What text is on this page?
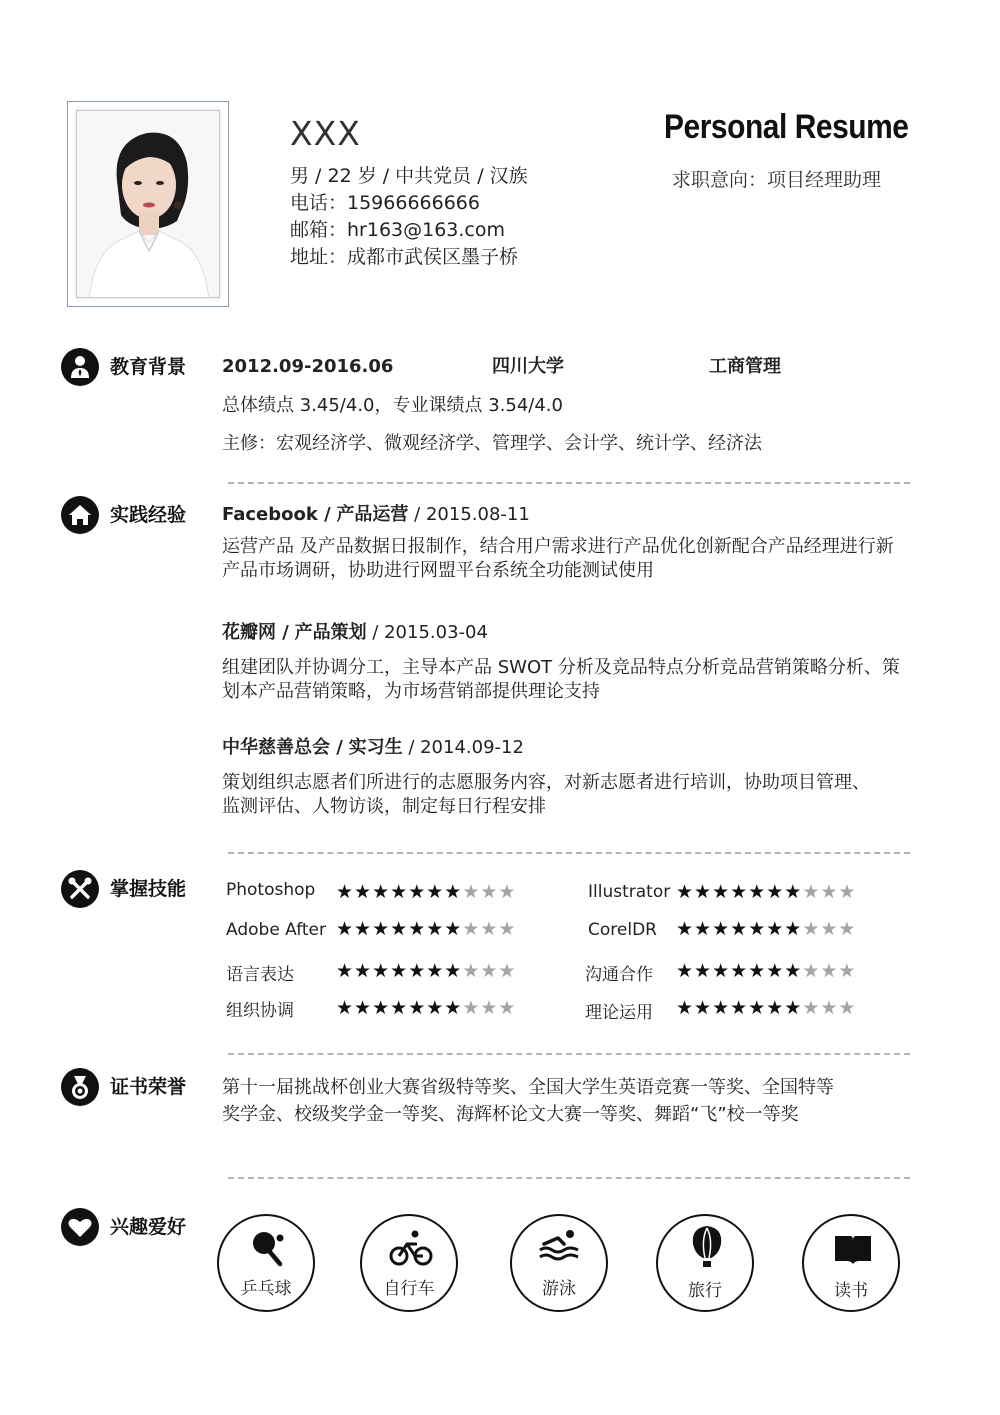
XXX
男 / 22 岁 / 中共党员 / 汉族
电话：15966666666
邮箱：hr163@163.com
地址：成都市武侯区墨子桥
Personal Resume
求职意向：项目经理助理
教育背景 2012.09-2016.06	四川大学	工商管理
总体绩点 3.45/4.0，专业课绩点 3.54/4.0
主修：宏观经济学、微观经济学、管理学、会计学、统计学、经济法
实践经验 Facebook / 产品运营 / 2015.08-11
运营产品 及产品数据日报制作，结合用户需求进行产品优化创新配合产品经理进行新
产品市场调研，协助进行网盟平台系统全功能测试使用
花瓣网 / 产品策划 / 2015.03-04
组建团队并协调分工，主导本产品 SWOT 分析及竞品特点分析竞品营销策略分析、策
划本产品营销策略，为市场营销部提供理论支持
中华慈善总会 / 实习生 / 2014.09-12
策划组织志愿者们所进行的志愿服务内容，对新志愿者进行培训，协助项目管理、
监测评估、人物访谈，制定每日行程安排
掌握技能 Photoshop ★★★★★★★★★★	Illustrator ★★★★★★★★★★
Adobe After ★★★★★★★★★★	CorelDR ★★★★★★★★★★
语言表达 ★★★★★★★★★★	沟通合作 ★★★★★★★★★★
组织协调 ★★★★★★★★★★	理论运用 ★★★★★★★★★★
证书荣誉 第十一届挑战杯创业大赛省级特等奖、全国大学生英语竞赛一等奖、全国特等
奖学金、校级奖学金一等奖、海辉杯论文大赛一等奖、舞蹈“飞”校一等奖
兴趣爱好
乒乓球	自行车	游泳	旅行	读书
